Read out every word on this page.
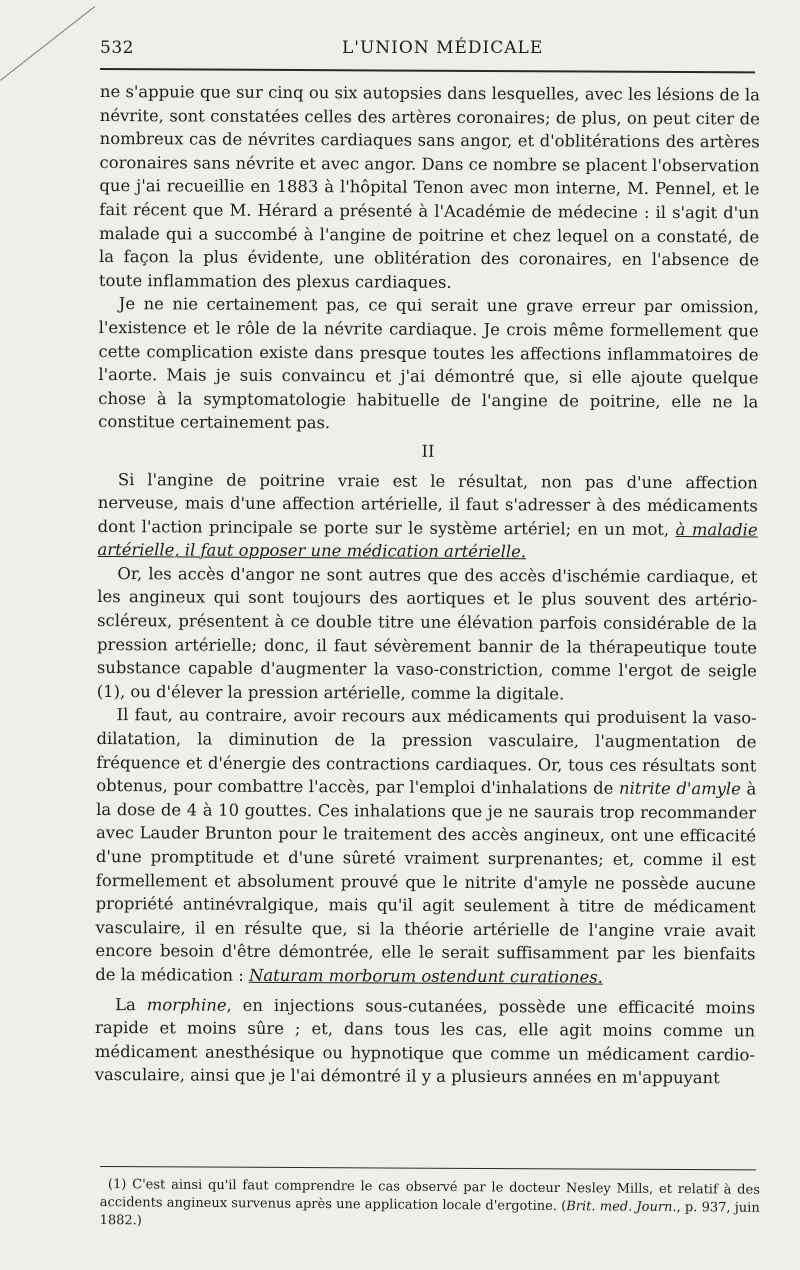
532	L'UNION MÉDICALE

ne s'appuie que sur cinq ou six autopsies dans lesquelles, avec les lésions de la névrite, sont constatées celles des artères coronaires; de plus, on peut citer de nombreux cas de névrites cardiaques sans angor, et d'oblitérations des artères coronaires sans névrite et avec angor. Dans ce nombre se placent l'observation que j'ai recueillie en 1883 à l'hôpital Tenon avec mon interne, M. Pennel, et le fait récent que M. Hérard a présenté à l'Académie de médecine : il s'agit d'un malade qui a succombé à l'angine de poitrine et chez lequel on a constaté, de la façon la plus évidente, une oblitération des coronaires, en l'absence de toute inflammation des plexus cardiaques.

Je ne nie certainement pas, ce qui serait une grave erreur par omission, l'existence et le rôle de la névrite cardiaque. Je crois même formellement que cette complication existe dans presque toutes les affections inflammatoires de l'aorte. Mais je suis convaincu et j'ai démontré que, si elle ajoute quelque chose à la symptomatologie habituelle de l'angine de poitrine, elle ne la constitue certainement pas.

II

Si l'angine de poitrine vraie est le résultat, non pas d'une affection nerveuse, mais d'une affection artérielle, il faut s'adresser à des médicaments dont l'action principale se porte sur le système artériel; en un mot, à maladie artérielle, il faut opposer une médication artérielle.

Or, les accès d'angor ne sont autres que des accès d'ischémie cardiaque, et les angineux qui sont toujours des aortiques et le plus souvent des artério-scléreux, présentent à ce double titre une élévation parfois considérable de la pression artérielle; donc, il faut sévèrement bannir de la thérapeutique toute substance capable d'augmenter la vaso-constriction, comme l'ergot de seigle (1), ou d'élever la pression artérielle, comme la digitale.

Il faut, au contraire, avoir recours aux médicaments qui produisent la vaso-dilatation, la diminution de la pression vasculaire, l'augmentation de fréquence et d'énergie des contractions cardiaques. Or, tous ces résultats sont obtenus, pour combattre l'accès, par l'emploi d'inhalations de nitrite d'amyle à la dose de 4 à 10 gouttes. Ces inhalations que je ne saurais trop recommander avec Lauder Brunton pour le traitement des accès angineux, ont une efficacité d'une promptitude et d'une sûreté vraiment surprenantes; et, comme il est formellement et absolument prouvé que le nitrite d'amyle ne possède aucune propriété antinévralgique, mais qu'il agit seulement à titre de médicament vasculaire, il en résulte que, si la théorie artérielle de l'angine vraie avait encore besoin d'être démontrée, elle le serait suffisamment par les bienfaits de la médication : Naturam morborum ostendunt curationes.

La morphine, en injections sous-cutanées, possède une efficacité moins rapide et moins sûre ; et, dans tous les cas, elle agit moins comme un médicament anesthésique ou hypnotique que comme un médicament cardio-vasculaire, ainsi que je l'ai démontré il y a plusieurs années en m'appuyant

(1) C'est ainsi qu'il faut comprendre le cas observé par le docteur Nesley Mills, et relatif à des accidents angineux survenus après une application locale d'ergotine. (Brit. med. Journ., p. 937, juin 1882.)
